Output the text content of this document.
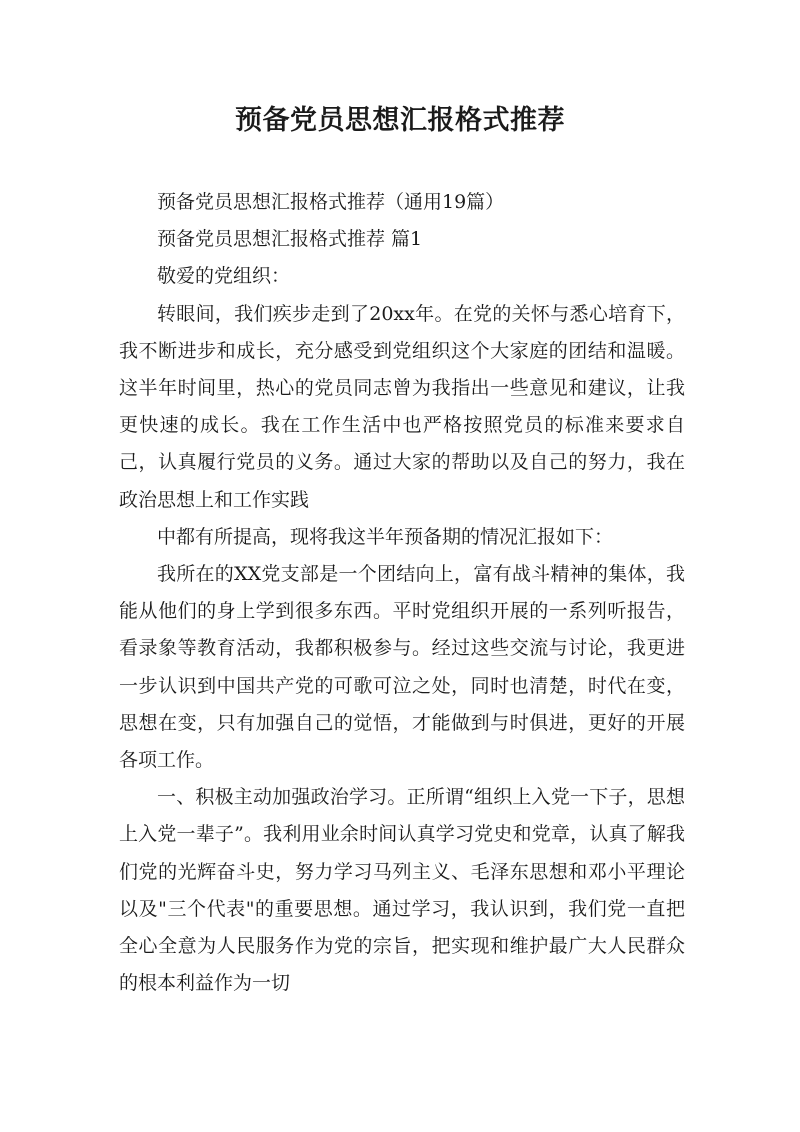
预备党员思想汇报格式推荐

预备党员思想汇报格式推荐（通用19篇）

预备党员思想汇报格式推荐 篇1

敬爱的党组织：

转眼间，我们疾步走到了20xx年。在党的关怀与悉心培育下，我不断进步和成长，充分感受到党组织这个大家庭的团结和温暖。这半年时间里，热心的党员同志曾为我指出一些意见和建议，让我更快速的成长。我在工作生活中也严格按照党员的标准来要求自己，认真履行党员的义务。通过大家的帮助以及自己的努力，我在政治思想上和工作实践

中都有所提高，现将我这半年预备期的情况汇报如下：

我所在的XX党支部是一个团结向上，富有战斗精神的集体，我能从他们的身上学到很多东西。平时党组织开展的一系列听报告，看录象等教育活动，我都积极参与。经过这些交流与讨论，我更进一步认识到中国共产党的可歌可泣之处，同时也清楚，时代在变，思想在变，只有加强自己的觉悟，才能做到与时俱进，更好的开展各项工作。

一、积极主动加强政治学习。正所谓“组织上入党一下子，思想上入党一辈子”。我利用业余时间认真学习党史和党章，认真了解我们党的光辉奋斗史，努力学习马列主义、毛泽东思想和邓小平理论以及"三个代表"的重要思想。通过学习，我认识到，我们党一直把全心全意为人民服务作为党的宗旨，把实现和维护最广大人民群众的根本利益作为一切
